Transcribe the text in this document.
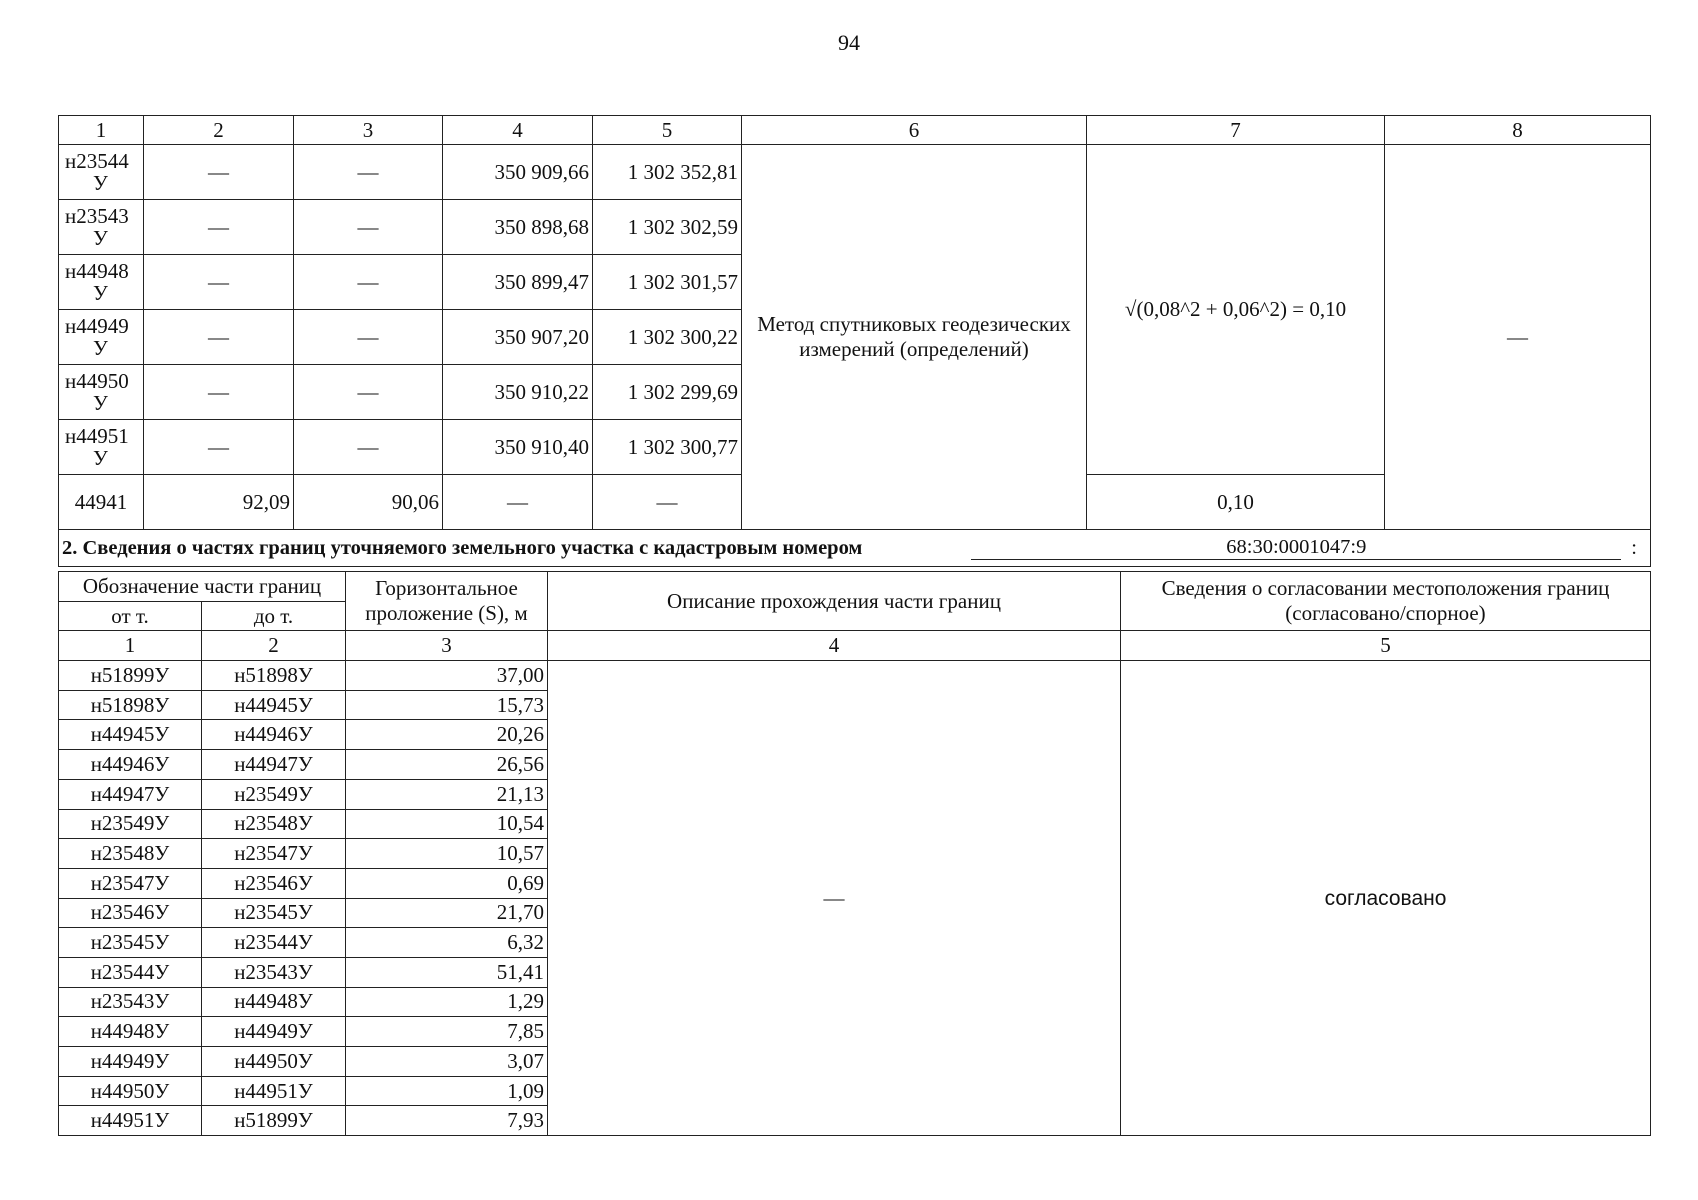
94
1	2	3	4	5	6	7	8

н23544
У	—	—	350 909,66	1 302 352,81	Метод спутниковых геодезических измерений (определений)	√(0,08^2 + 0,06^2) = 0,10	—

н23543
У	—	—	350 898,68	1 302 302,59			

н44948
У	—	—	350 899,47	1 302 301,57			

н44949
У	—	—	350 907,20	1 302 300,22			

н44950
У	—	—	350 910,22	1 302 299,69			

н44951
У	—	—	350 910,40	1 302 300,77			
44941	92,09	90,06	—	—		0,10	

2. Сведения о частях границ уточняемого земельного участка с кадастровым номером 68:30:0001047:9 :							
Обозначение части границ		Горизонтальное проложение (S), м	Описание прохождения части границ	Сведения о согласовании местоположения границ (согласовано/спорное)
от т.	до т.			
1	2	3	4	5
н51899У	н51898У	37,00	—	согласовано
н51898У	н44945У	15,73		
н44945У	н44946У	20,26		
н44946У	н44947У	26,56		
н44947У	н23549У	21,13		
н23549У	н23548У	10,54		
н23548У	н23547У	10,57		
н23547У	н23546У	0,69		
н23546У	н23545У	21,70		
н23545У	н23544У	6,32		
н23544У	н23543У	51,41		
н23543У	н44948У	1,29		
н44948У	н44949У	7,85		
н44949У	н44950У	3,07		
н44950У	н44951У	1,09		
н44951У	н51899У	7,93		
